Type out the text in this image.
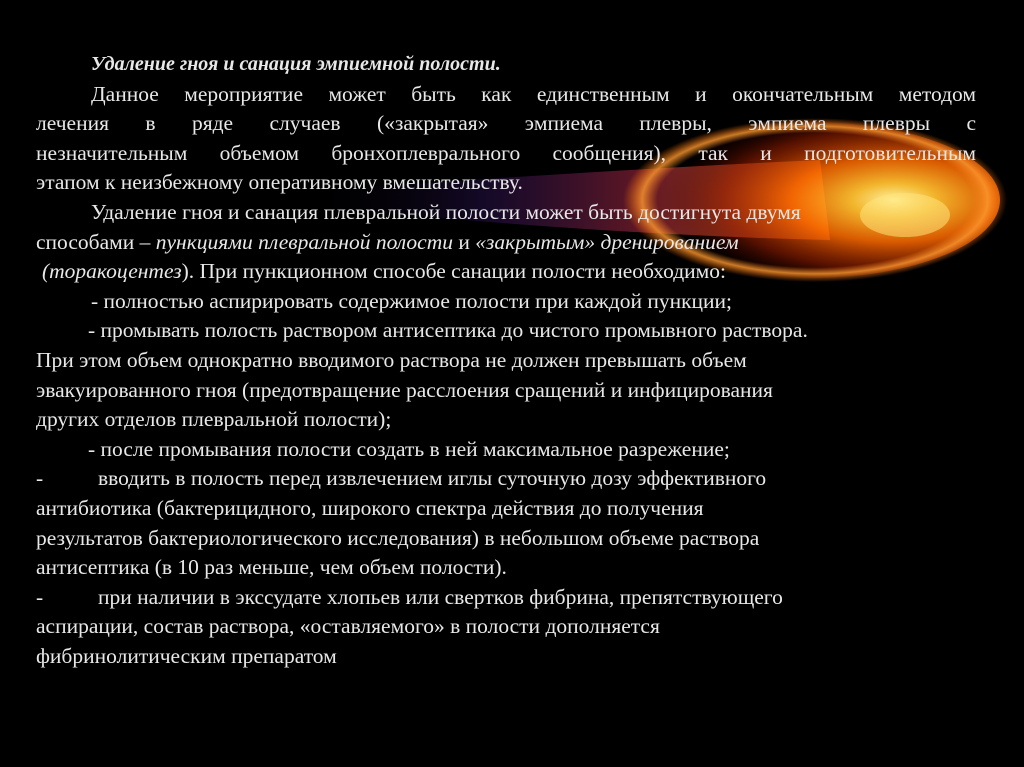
Удаление гноя и санация эмпиемной полости.
Данное мероприятие может быть как единственным и окончательным методом
лечения в ряде случаев («закрытая» эмпиема плевры, эмпиема плевры с
незначительным объемом бронхоплеврального сообщения), так и подготовительным
этапом к неизбежному оперативному вмешательству.
Удаление гноя и санация плевральной полости может быть достигнута двумя
способами – пункциями плевральной полости и «закрытым» дренированием
(торакоцентез). При пункционном способе санации полости необходимо:
- полностью аспирировать содержимое полости при каждой пункции;
- промывать полость раствором антисептика до чистого промывного раствора.
При этом объем однократно вводимого раствора не должен превышать объем
эвакуированного гноя (предотвращение расслоения сращений и инфицирования
других отделов плевральной полости);
- после промывания полости создать в ней максимальное разрежение;
-	вводить в полость перед извлечением иглы суточную дозу эффективного
антибиотика (бактерицидного, широкого спектра действия до получения
результатов бактериологического исследования) в небольшом объеме раствора
антисептика (в 10 раз меньше, чем объем полости).
-	при наличии в экссудате хлопьев или свертков фибрина, препятствующего
аспирации, состав раствора, «оставляемого» в полости дополняется
фибринолитическим препаратом
